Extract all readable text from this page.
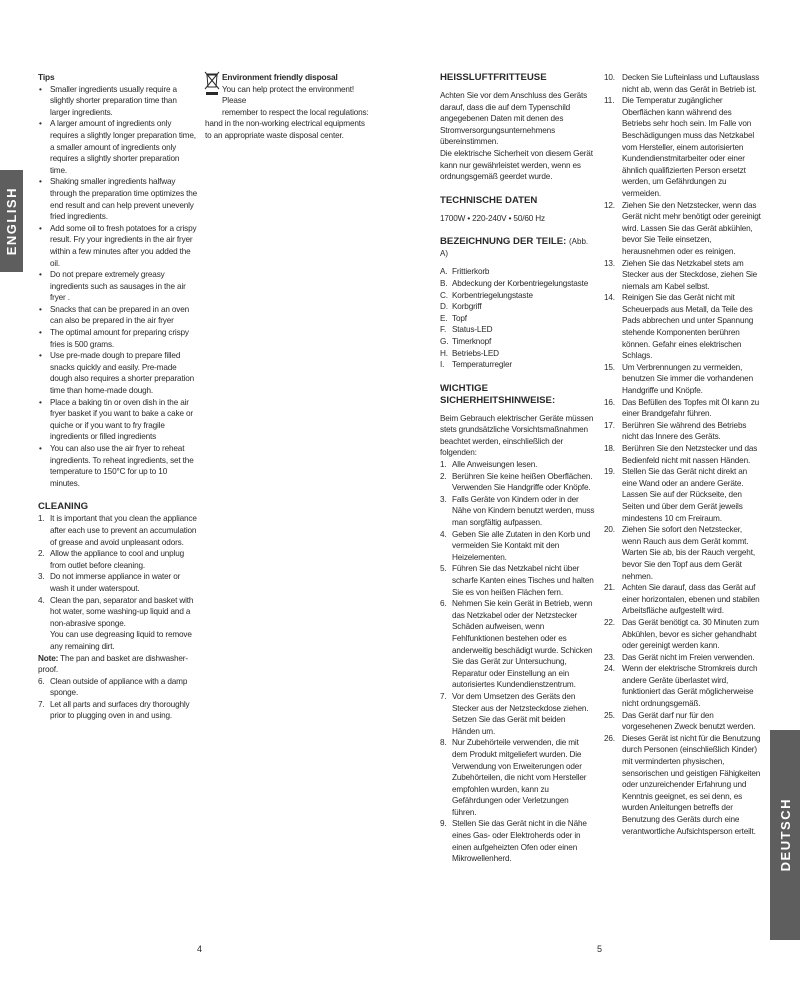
ENGLISH
DEUTSCH
Tips
• Smaller ingredients usually require a slightly shorter preparation time than larger ingredients.
• A larger amount of ingredients only requires a slightly longer preparation time, a smaller amount of ingredients only requires a slightly shorter preparation time.
• Shaking smaller ingredients halfway through the preparation time optimizes the end result and can help prevent unevenly fried ingredients.
• Add some oil to fresh potatoes for a crispy result. Fry your ingredients in the air fryer within a few minutes after you added the oil.
• Do not prepare extremely greasy ingredients such as sausages in the air fryer .
• Snacks that can be prepared in an oven can also be prepared in the air fryer
• The optimal amount for preparing crispy fries is 500 grams.
• Use pre-made dough to prepare filled snacks quickly and easily. Pre-made dough also requires a shorter preparation time than home-made dough.
• Place a baking tin or oven dish in the air fryer basket if you want to bake a cake or quiche or if you want to fry fragile ingredients or filled ingredients
• You can also use the air fryer to reheat ingredients. To reheat ingredients, set the temperature to 150°C for up to 10 minutes.
CLEANING
1. It is important that you clean the appliance after each use to prevent an accumulation of grease and avoid unpleasant odors.
2. Allow the appliance to cool and unplug from outlet before cleaning.
3. Do not immerse appliance in water or wash it under waterspout.
4. Clean the pan, separator and basket with hot water, some washing-up liquid and a non-abrasive sponge.

You can use degreasing liquid to remove any remaining dirt.

Note: The pan and basket are dishwasher-proof.

6. Clean outside of appliance with a damp sponge.
7. Let all parts and surfaces dry thoroughly prior to plugging oven in and using.
Environment friendly disposal

You can help protect the environment! Please

remember to respect the local regulations:

hand in the non-working electrical equipments to an appropriate waste disposal center.

HEISSLUFTFRITTEUSE

Achten Sie vor dem Anschluss des Geräts darauf, dass die auf dem Typenschild angegebenen Daten mit denen des Stromversorgungsunternehmens übereinstimmen.

Die elektrische Sicherheit von diesem Gerät kann nur gewährleistet werden, wenn es ordnungsgemäß geerdet wurde.

TECHNISCHE DATEN

1700W • 220-240V • 50/60 Hz

BEZEICHNUNG DER TEILE: (Abb. A)
A. Frittierkorb
B. Abdeckung der Korbentriegelungstaste
C. Korbentriegelungstaste
D. Korbgriff
E. Topf
F. Status-LED
G. Timerknopf
H. Betriebs-LED
I. Temperaturregler
WICHTIGE SICHERHEITSHINWEISE:

Beim Gebrauch elektrischer Geräte müssen stets grundsätzliche Vorsichtsmaßnahmen beachtet werden, einschließlich der folgenden:

1. Alle Anweisungen lesen.
2. Berühren Sie keine heißen Oberflächen. Verwenden Sie Handgriffe oder Knöpfe.
3. Falls Geräte von Kindern oder in der Nähe von Kindern benutzt werden, muss man sorgfältig aufpassen.
4. Geben Sie alle Zutaten in den Korb und vermeiden Sie Kontakt mit den Heizelementen.
5. Führen Sie das Netzkabel nicht über scharfe Kanten eines Tisches und halten Sie es von heißen Flächen fern.
6. Nehmen Sie kein Gerät in Betrieb, wenn das Netzkabel oder der Netzstecker Schäden aufweisen, wenn Fehlfunktionen bestehen oder es anderweitig beschädigt wurde. Schicken Sie das Gerät zur Untersuchung, Reparatur oder Einstellung an ein autorisiertes Kundendienstzentrum.
7. Vor dem Umsetzen des Geräts den Stecker aus der Netzsteckdose ziehen. Setzen Sie das Gerät mit beiden Händen um.
8. Nur Zubehörteile verwenden, die mit dem Produkt mitgeliefert wurden. Die Verwendung von Erweiterungen oder Zubehörteilen, die nicht vom Hersteller empfohlen wurden, kann zu Gefährdungen oder Verletzungen führen.
9. Stellen Sie das Gerät nicht in die Nähe eines Gas- oder Elektroherds oder in einen aufgeheizten Ofen oder einen Mikrowellenherd.
10. Decken Sie Lufteinlass und Luftauslass nicht ab, wenn das Gerät in Betrieb ist.
11. Die Temperatur zugänglicher Oberflächen kann während des Betriebs sehr hoch sein. Im Falle von Beschädigungen muss das Netzkabel vom Hersteller, einem autorisierten Kundendienstmitarbeiter oder einer ähnlich qualifizierten Person ersetzt werden, um Gefährdungen zu vermeiden.
12. Ziehen Sie den Netzstecker, wenn das Gerät nicht mehr benötigt oder gereinigt wird. Lassen Sie das Gerät abkühlen, bevor Sie Teile einsetzen, herausnehmen oder es reinigen.
13. Ziehen Sie das Netzkabel stets am Stecker aus der Steckdose, ziehen Sie niemals am Kabel selbst.
14. Reinigen Sie das Gerät nicht mit Scheuerpads aus Metall, da Teile des Pads abbrechen und unter Spannung stehende Komponenten berühren können. Gefahr eines elektrischen Schlags.
15. Um Verbrennungen zu vermeiden, benutzen Sie immer die vorhandenen Handgriffe und Knöpfe.
16. Das Befüllen des Topfes mit Öl kann zu einer Brandgefahr führen.
17. Berühren Sie während des Betriebs nicht das Innere des Geräts.
18. Berühren Sie den Netzstecker und das Bedienfeld nicht mit nassen Händen.
19. Stellen Sie das Gerät nicht direkt an eine Wand oder an andere Geräte. Lassen Sie auf der Rückseite, den Seiten und über dem Gerät jeweils mindestens 10 cm Freiraum.
20. Ziehen Sie sofort den Netzstecker, wenn Rauch aus dem Gerät kommt. Warten Sie ab, bis der Rauch vergeht, bevor Sie den Topf aus dem Gerät nehmen.
21. Achten Sie darauf, dass das Gerät auf einer horizontalen, ebenen und stabilen Arbeitsfläche aufgestellt wird.
22. Das Gerät benötigt ca. 30 Minuten zum Abkühlen, bevor es sicher gehandhabt oder gereinigt werden kann.
23. Das Gerät nicht im Freien verwenden.
24. Wenn der elektrische Stromkreis durch andere Geräte überlastet wird, funktioniert das Gerät möglicherweise nicht ordnungsgemäß.
25. Das Gerät darf nur für den vorgesehenen Zweck benutzt werden.
26. Dieses Gerät ist nicht für die Benutzung durch Personen (einschließlich Kinder) mit verminderten physischen, sensorischen und geistigen Fähigkeiten oder unzureichender Erfahrung und Kenntnis geeignet, es sei denn, es wurden Anleitungen betreffs der Benutzung des Geräts durch eine verantwortliche Aufsichtsperson erteilt.
4	5
